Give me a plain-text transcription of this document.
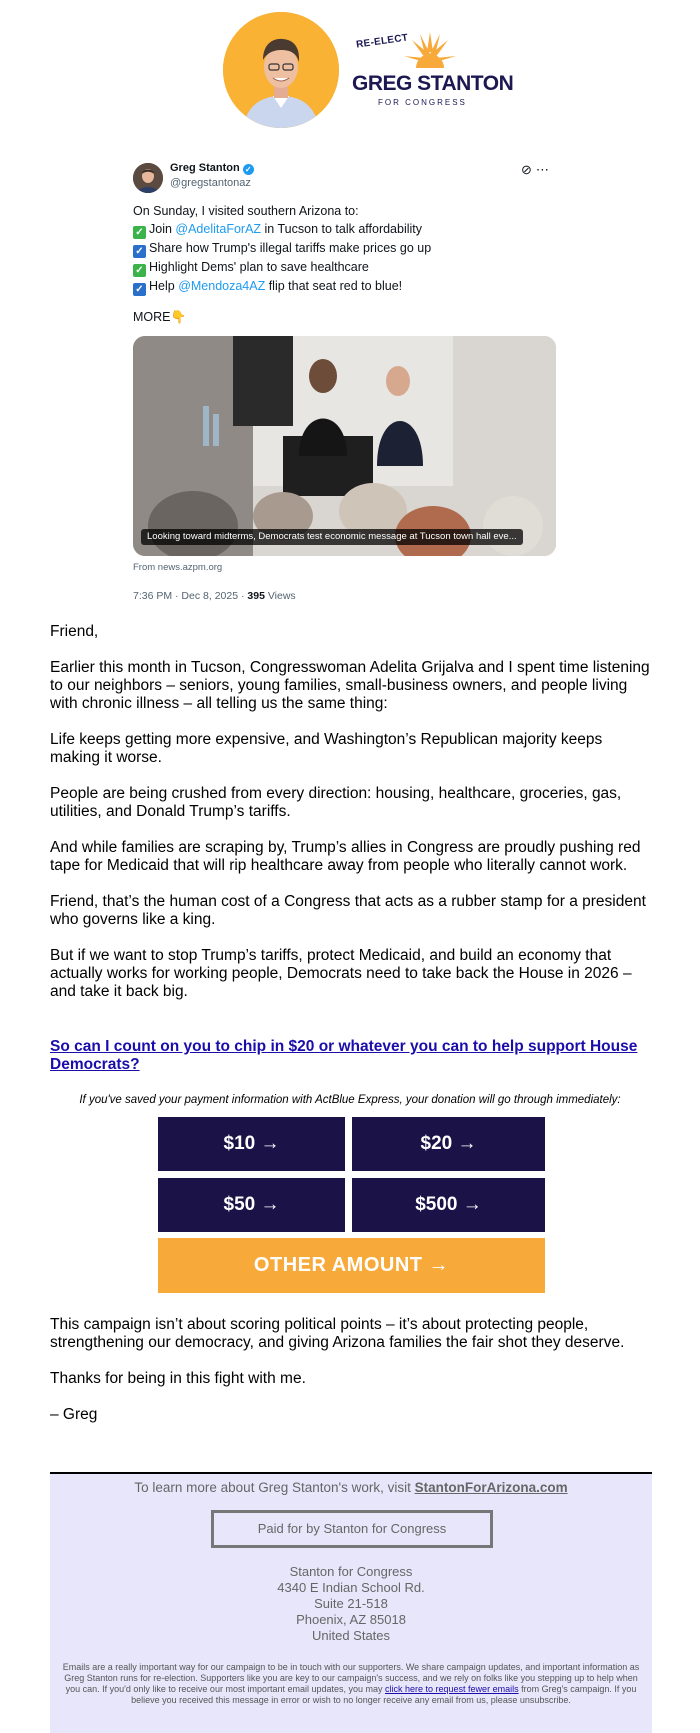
RE-ELECT
GREG STANTON
FOR CONGRESS
Greg Stanton ✓
@gregstantonaz
⊘⋯
On Sunday, I visited southern Arizona to:
✓ Join @AdelitaForAZ in Tucson to talk affordability
✓ Share how Trump's illegal tariffs make prices go up
✓ Highlight Dems' plan to save healthcare
✓ Help @Mendoza4AZ flip that seat red to blue!
MORE👇
Looking toward midterms, Democrats test economic message at Tucson town hall eve...
From news.azpm.org
7:36 PM · Dec 8, 2025 · 395 Views

Friend,

Earlier this month in Tucson, Congresswoman Adelita Grijalva and I spent time listening to our neighbors – seniors, young families, small-business owners, and people living with chronic illness – all telling us the same thing:

Life keeps getting more expensive, and Washington’s Republican majority keeps making it worse.

People are being crushed from every direction: housing, healthcare, groceries, gas, utilities, and Donald Trump’s tariffs.

And while families are scraping by, Trump’s allies in Congress are proudly pushing red tape for Medicaid that will rip healthcare away from people who literally cannot work.

Friend, that’s the human cost of a Congress that acts as a rubber stamp for a president who governs like a king.

But if we want to stop Trump’s tariffs, protect Medicaid, and build an economy that actually works for working people, Democrats need to take back the House in 2026 – and take it back big.

So can I count on you to chip in $20 or whatever you can to help support House Democrats?
If you've saved your payment information with ActBlue Express, your donation will go through immediately:
$10 →	$20 →
$50 →	$500 →
OTHER AMOUNT →

This campaign isn’t about scoring political points – it’s about protecting people, strengthening our democracy, and giving Arizona families the fair shot they deserve.

Thanks for being in this fight with me.

– Greg

To learn more about Greg Stanton's work, visit StantonForArizona.com
Paid for by Stanton for Congress
Stanton for Congress
4340 E Indian School Rd.
Suite 21-518
Phoenix, AZ 85018
United States
Emails are a really important way for our campaign to be in touch with our supporters. We share campaign updates, and important information as Greg Stanton runs for re-election. Supporters like you are key to our campaign's success, and we rely on folks like you stepping up to help when you can. If you'd only like to receive our most important email updates, you may click here to request fewer emails from Greg's campaign. If you believe you received this message in error or wish to no longer receive any email from us, please unsubscribe.
